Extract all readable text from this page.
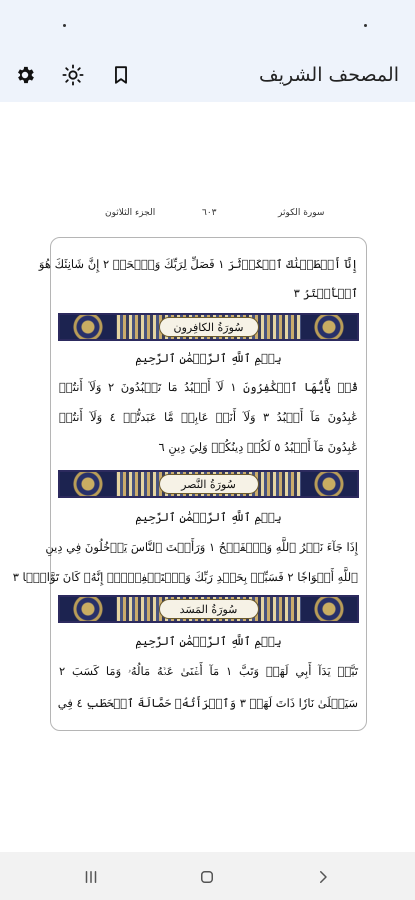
المصحف الشريف
الجزء الثلاثون	٦٠٣	سورة الكوثر
إِنَّآ أَعۡطَيۡنَٰكَ ٱلۡكَوۡثَرَ ١ فَصَلِّ لِرَبِّكَ وَٱنۡحَرۡ ٢ إِنَّ شَانِئَكَ هُوَ
ٱلۡأَبۡتَرُ ٣
سُورَةُ الكافِرون
بِسۡمِ ٱللَّهِ ٱلرَّحۡمَٰنِ ٱلرَّحِيمِ
قُلۡ يَٰٓأَيُّهَا ٱلۡكَٰفِرُونَ ١ لَآ أَعۡبُدُ مَا تَعۡبُدُونَ ٢ وَلَآ أَنتُمۡ
عَٰبِدُونَ مَآ أَعۡبُدُ ٣ وَلَآ أَنَا۠ عَابِدٞ مَّا عَبَدتُّمۡ ٤ وَلَآ أَنتُمۡ
عَٰبِدُونَ مَآ أَعۡبُدُ ٥ لَكُمۡ دِينُكُمۡ وَلِيَ دِينِ ٦
سُورَةُ النَّصر
بِسۡمِ ٱللَّهِ ٱلرَّحۡمَٰنِ ٱلرَّحِيمِ
إِذَا جَآءَ نَصۡرُ ٱللَّهِ وَٱلۡفَتۡحُ ١ وَرَأَيۡتَ ٱلنَّاسَ يَدۡخُلُونَ فِي دِينِ
ٱللَّهِ أَفۡوَاجٗا ٢ فَسَبِّحۡ بِحَمۡدِ رَبِّكَ وَٱسۡتَغۡفِرۡهُۚ إِنَّهُۥ كَانَ تَوَّابَۢا ٣
سُورَةُ المَسَد
بِسۡمِ ٱللَّهِ ٱلرَّحۡمَٰنِ ٱلرَّحِيمِ
تَبَّتۡ يَدَآ أَبِي لَهَبٖ وَتَبَّ ١ مَآ أَغۡنَىٰ عَنۡهُ مَالُهُۥ وَمَا كَسَبَ ٢
سَيَصۡلَىٰ نَارٗا ذَاتَ لَهَبٖ ٣ وَٱمۡرَأَتُهُۥ حَمَّالَةَ ٱلۡحَطَبِ ٤ فِي
